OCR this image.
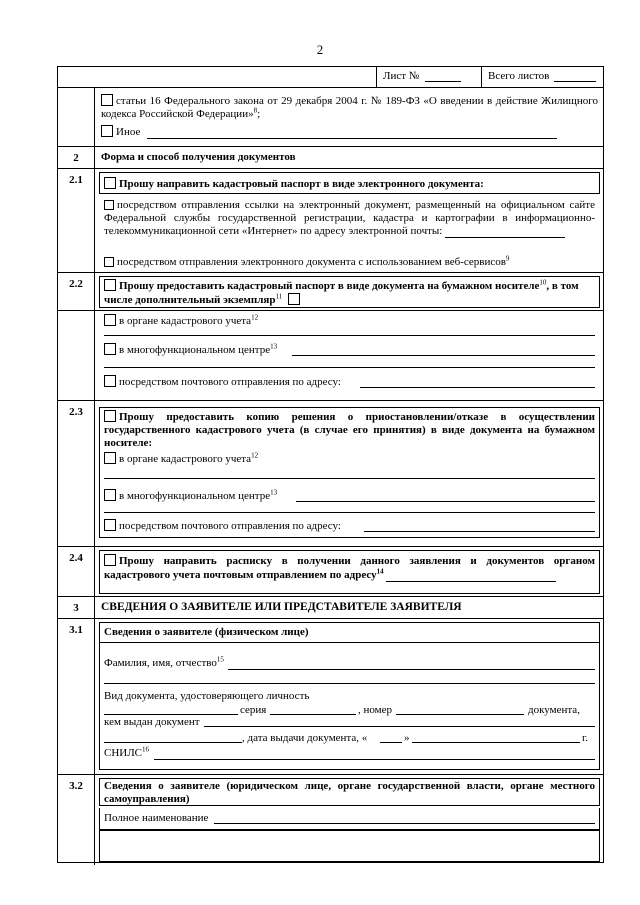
2
Лист №	Всего листов
статьи 16 Федерального закона от 29 декабря 2004 г. № 189-ФЗ «О введении в действие Жилищного кодекса Российской Федерации»$^8$;
Иное
2	Форма и способ получения документов
2.1	Прошу направить кадастровый паспорт в виде электронного документа:
посредством отправления ссылки на электронный документ, размещенный на официальном сайте Федеральной службы государственной регистрации, кадастра и картографии в информационно-телекоммуникационной сети «Интернет» по адресу электронной почты:
посредством отправления электронного документа с использованием веб-сервисов$^9$
2.2	Прошу предоставить кадастровый паспорт в виде документа на бумажном носителе$^{10}$, в том числе дополнительный экземпляр$^{11}$
в органе кадастрового учета$^{12}$
в многофункциональном центре$^{13}$
посредством почтового отправления по адресу:
2.3	Прошу предоставить копию решения о приостановлении/отказе в осуществлении государственного кадастрового учета (в случае его принятия) в виде документа на бумажном носителе:
в органе кадастрового учета$^{12}$
в многофункциональном центре$^{13}$
посредством почтового отправления по адресу:
2.4	Прошу направить расписку в получении данного заявления и документов органом кадастрового учета почтовым отправлением по адресу$^{14}$
3	СВЕДЕНИЯ О ЗАЯВИТЕЛЕ ИЛИ ПРЕДСТАВИТЕЛЕ ЗАЯВИТЕЛЯ
3.1	Сведения о заявителе (физическом лице)
Фамилия, имя, отчество$^{15}$
Вид документа, удостоверяющего личность
серия	, номер	документа,
кем выдан документ
, дата выдачи документа, «	»	г.
СНИЛС$^{16}$
3.2	Сведения о заявителе (юридическом лице, органе государственной власти, органе местного самоуправления)
Полное наименование
